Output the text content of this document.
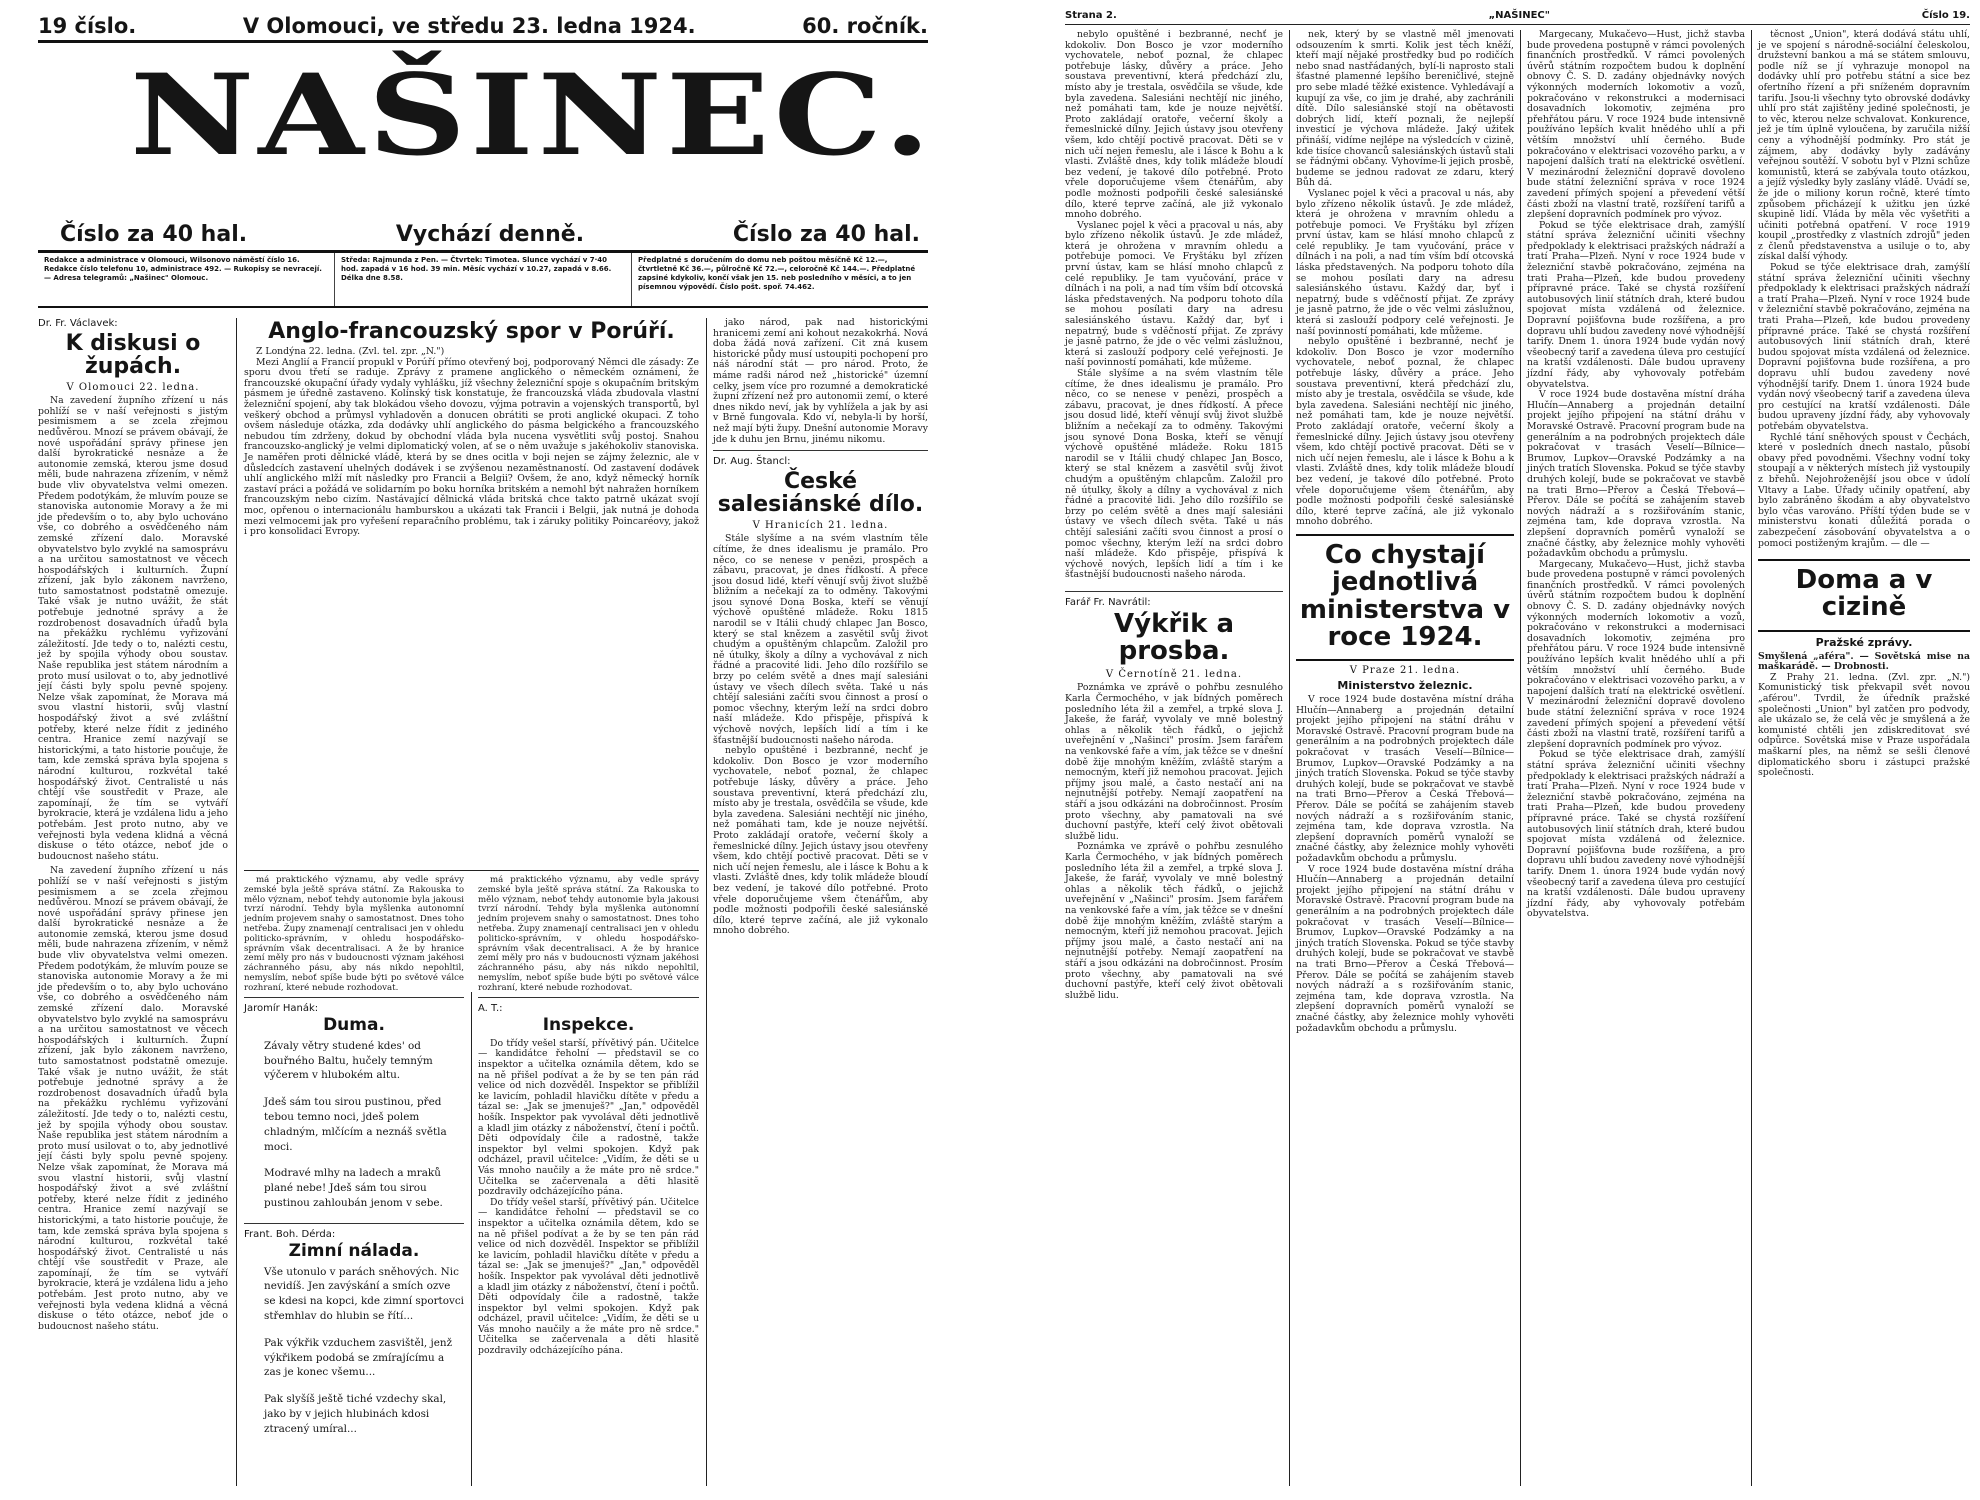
19 číslo.	V Olomouci, ve středu 23. ledna 1924.	60. ročník.
NAŠINEC.
Číslo za 40 hal.	Vychází denně.	Číslo za 40 hal.
Redakce a administrace v Olomouci, Wilsonovo náměstí číslo 16. Redakce číslo telefonu 10, administrace 492. — Rukopisy se nevracejí. — Adresa telegramů: „Našinec" Olomouc.
Středa: Rajmunda z Pen. — Čtvrtek: Timotea. Slunce vychází v 7·40 hod. zapadá v 16 hod. 39 min. Měsíc vychází v 10.27, zapadá v 8.66. Délka dne 8.58.
Předplatné s doručením do domu neb poštou měsíčně Kč 12.—, čtvrtletně Kč 36.—, půlročně Kč 72.—, celoročně Kč 144.—. Předplatné zapsiné kdykoliv, končí však jen 15. neb posledního v měsíci, a to jen písemnou výpovědí. Číslo pošt. spoř. 74.462.
Dr. Fr. Václavek:
K diskusi o župách.
V Olomouci 22. ledna.
Na zavedení župního zřízení u nás pohlíží se v naší veřejnosti s jistým pesimismem a se zcela zřejmou nedůvěrou. Mnozí se právem obávají, že nové uspořádání správy přinese jen další byrokratické nesnáze a že autonomie zemská, kterou jsme dosud měli, bude nahrazena zřízením, v němž bude vliv obyvatelstva velmi omezen. Předem podotýkám, že mluvím pouze se stanoviska autonomie Moravy a že mi jde především o to, aby bylo uchováno vše, co dobrého a osvědčeného nám zemské zřízení dalo. Moravské obyvatelstvo bylo zvyklé na samosprávu a na určitou samostatnost ve věcech hospodářských i kulturních. Župní zřízení, jak bylo zákonem navrženo, tuto samostatnost podstatně omezuje. Také však je nutno uvážit, že stát potřebuje jednotné správy a že rozdrobenost dosavadních úřadů byla na překážku rychlému vyřizování záležitostí. Jde tedy o to, nalézti cestu, jež by spojila výhody obou soustav. Naše republika jest státem národním a proto musí usilovat o to, aby jednotlivé její části byly spolu pevně spojeny. Nelze však zapomínat, že Morava má svou vlastní historii, svůj vlastní hospodářský život a své zvláštní potřeby, které nelze řídit z jediného centra. Hranice zemí nazývají se historickými, a tato historie poučuje, že tam, kde zemská správa byla spojena s národní kulturou, rozkvétal také hospodářský život. Centralisté u nás chtějí vše soustředit v Praze, ale zapomínají, že tím se vytváří byrokracie, která je vzdálena lidu a jeho potřebám. Jest proto nutno, aby ve veřejnosti byla vedena klidná a věcná diskuse o této otázce, neboť jde o budoucnost našeho státu.
Na zavedení župního zřízení u nás pohlíží se v naší veřejnosti s jistým pesimismem a se zcela zřejmou nedůvěrou. Mnozí se právem obávají, že nové uspořádání správy přinese jen další byrokratické nesnáze a že autonomie zemská, kterou jsme dosud měli, bude nahrazena zřízením, v němž bude vliv obyvatelstva velmi omezen. Předem podotýkám, že mluvím pouze se stanoviska autonomie Moravy a že mi jde především o to, aby bylo uchováno vše, co dobrého a osvědčeného nám zemské zřízení dalo. Moravské obyvatelstvo bylo zvyklé na samosprávu a na určitou samostatnost ve věcech hospodářských i kulturních. Župní zřízení, jak bylo zákonem navrženo, tuto samostatnost podstatně omezuje. Také však je nutno uvážit, že stát potřebuje jednotné správy a že rozdrobenost dosavadních úřadů byla na překážku rychlému vyřizování záležitostí. Jde tedy o to, nalézti cestu, jež by spojila výhody obou soustav. Naše republika jest státem národním a proto musí usilovat o to, aby jednotlivé její části byly spolu pevně spojeny. Nelze však zapomínat, že Morava má svou vlastní historii, svůj vlastní hospodářský život a své zvláštní potřeby, které nelze řídit z jediného centra. Hranice zemí nazývají se historickými, a tato historie poučuje, že tam, kde zemská správa byla spojena s národní kulturou, rozkvétal také hospodářský život. Centralisté u nás chtějí vše soustředit v Praze, ale zapomínají, že tím se vytváří byrokracie, která je vzdálena lidu a jeho potřebám. Jest proto nutno, aby ve veřejnosti byla vedena klidná a věcná diskuse o této otázce, neboť jde o budoucnost našeho státu.
Anglo-francouzský spor v Porúří.
Z Londýna 22. ledna. (Zvl. tel. zpr. „N.")
Mezi Anglií a Francií propukl v Porúří přímo otevřený boj, podporovaný Němci dle zásady: Ze sporu dvou třetí se raduje. Zprávy z pramene anglického o německém oznámení, že francouzské okupační úřady vydaly vyhlášku, jíž všechny železniční spoje s okupačním britským pásmem je úředně zastaveno. Kolínský tisk konstatuje, že francouzská vláda zbudovala vlastní železniční spojení, aby tak blokádou všeho dovozu, výjma potravin a vojenských transportů, byl veškerý obchod a průmysl vyhladověn a donucen obrátiti se proti anglické okupaci. Z toho ovšem následuje otázka, zda dodávky uhlí anglického do pásma belgického a francouzského nebudou tím zdrženy, dokud by obchodní vláda byla nucena vysvětliti svůj postoj. Snahou francouzsko-anglický je velmi diplomatický volen, ať se o něm uvažuje s jakéhokoliv stanoviska. Je naměřen proti dělnické vládě, která by se dnes ocitla v boji nejen se zájmy železnic, ale v důsledcích zastavení uhelných dodávek i se zvýšenou nezaměstnaností. Od zastavení dodávek uhlí anglického mlží mít následky pro Francii a Belgii? Ovšem, že ano, když německý horník zastaví práci a požádá ve solidarním po boku horníka britském a nemohl být nahražen horníkem francouzským nebo cizím. Nastávající dělnická vláda britská chce takto patrně ukázat svojí moc, opřenou o internacionálu hamburskou a ukázati tak Francii i Belgii, jak nutná je dohoda mezi velmocemi jak pro vyřešení reparačního problému, tak i záruky politiky Poincaréovy, jakož i pro konsolidaci Evropy.
má praktického významu, aby vedle správy zemské byla ještě správa státní. Za Rakouska to mělo význam, neboť tehdy autonomie byla jakousi tvrzí národní. Tehdy byla myšlenka autonomní jedním projevem snahy o samostatnost. Dnes toho netřeba. Župy znamenají centralisaci jen v ohledu politicko-správním, v ohledu hospodářsko-správním však decentralisaci. A že by hranice zemí měly pro nás v budoucnosti význam jakéhosi záchranného pásu, aby nás nikdo nepohltil, nemyslím, neboť spíše bude býti po světové válce rozhraní, které nebude rozhodovat.
má praktického významu, aby vedle správy zemské byla ještě správa státní. Za Rakouska to mělo význam, neboť tehdy autonomie byla jakousi tvrzí národní. Tehdy byla myšlenka autonomní jedním projevem snahy o samostatnost. Dnes toho netřeba. Župy znamenají centralisaci jen v ohledu politicko-správním, v ohledu hospodářsko-správním však decentralisaci. A že by hranice zemí měly pro nás v budoucnosti význam jakéhosi záchranného pásu, aby nás nikdo nepohltil, nemyslím, neboť spíše bude býti po světové válce rozhraní, které nebude rozhodovat.
Jaromír Hanák:
Duma.
Závaly větry studené kdes' od bouřného Baltu, hučely temným výčerem v hlubokém altu.
Jdeš sám tou sirou pustinou, před tebou temno noci, jdeš polem chladným, mlčícím a neznáš světla moci.
Modravé mlhy na ladech a mraků plané nebe! Jdeš sám tou sirou pustinou zahloubán jenom v sebe.
Frant. Boh. Dérda:
Zimní nálada.
Vše utonulo v parách sněhových. Nic nevidíš. Jen zavýskání a smích ozve se kdesi na kopci, kde zimní sportovci střemhlav do hlubin se řítí...
Pak výkřik vzduchem zasvištěl, jenž výkřikem podobá se zmírajícímu a zas je konec všemu...
Pak slyšíš ještě tiché vzdechy skal, jako by v jejich hlubinách kdosi ztracený umíral...
A. T.:
Inspekce.
Do třídy vešel starší, přívětivý pán. Učitelce — kandidátce řeholní — představil se co inspektor a učitelka oznámila dětem, kdo se na ně přišel podívat a že by se ten pán rád velice od nich dozvěděl. Inspektor se přiblížil ke lavicím, pohladil hlavičku dítěte v předu a tázal se: „Jak se jmenuješ?" „Jan," odpověděl hošík. Inspektor pak vyvolával děti jednotlivě a kladl jim otázky z náboženství, čtení i počtů. Děti odpovídaly čile a radostně, takže inspektor byl velmi spokojen. Když pak odcházel, pravil učitelce: „Vidím, že děti se u Vás mnoho naučily a že máte pro ně srdce." Učitelka se začervenala a děti hlasitě pozdravily odcházejícího pána.
Do třídy vešel starší, přívětivý pán. Učitelce — kandidátce řeholní — představil se co inspektor a učitelka oznámila dětem, kdo se na ně přišel podívat a že by se ten pán rád velice od nich dozvěděl. Inspektor se přiblížil ke lavicím, pohladil hlavičku dítěte v předu a tázal se: „Jak se jmenuješ?" „Jan," odpověděl hošík. Inspektor pak vyvolával děti jednotlivě a kladl jim otázky z náboženství, čtení i počtů. Děti odpovídaly čile a radostně, takže inspektor byl velmi spokojen. Když pak odcházel, pravil učitelce: „Vidím, že děti se u Vás mnoho naučily a že máte pro ně srdce." Učitelka se začervenala a děti hlasitě pozdravily odcházejícího pána.
jako národ, pak nad historickými hranicemi zemí ani kohout nezakokrhá. Nová doba žádá nová zařízení. Cit zná kusem historické půdy musí ustoupiti pochopení pro náš národní stát — pro národ. Proto, že máme radši národ než „historické" územní celky, jsem více pro rozumné a demokratické župní zřízení než pro autonomii zemí, o které dnes nikdo neví, jak by vyhlížela a jak by asi v Brně fungovala. Kdo ví, nebyla-li by horší, než mají býti župy. Dnešní autonomie Moravy jde k duhu jen Brnu, jinému nikomu.
Dr. Aug. Štancl:
České salesiánské dílo.
V Hranicích 21. ledna.
Stále slyšíme a na svém vlastním těle cítíme, že dnes idealismu je pramálo. Pro něco, co se nenese v penězi, prospěch a zábavu, pracovat, je dnes řídkostí. A přece jsou dosud lidé, kteří věnují svůj život službě bližním a nečekají za to odměny. Takovými jsou synové Dona Boska, kteří se věnují výchově opuštěné mládeže. Roku 1815 narodil se v Itálii chudý chlapec Jan Bosco, který se stal knězem a zasvětil svůj život chudým a opuštěným chlapcům. Založil pro ně útulky, školy a dílny a vychovával z nich řádné a pracovité lidi. Jeho dílo rozšířilo se brzy po celém světě a dnes mají salesiáni ústavy ve všech dílech světa. Také u nás chtějí salesiáni začíti svou činnost a prosí o pomoc všechny, kterým leží na srdci dobro naší mládeže. Kdo přispěje, přispívá k výchově nových, lepších lidí a tím i ke šťastnější budoucnosti našeho národa.
nebylo opuštěné i bezbranné, nechť je kdokoliv. Don Bosco je vzor moderního vychovatele, neboť poznal, že chlapec potřebuje lásky, důvěry a práce. Jeho soustava preventivní, která předchází zlu, místo aby je trestala, osvědčila se všude, kde byla zavedena. Salesiáni nechtějí nic jiného, než pomáhati tam, kde je nouze největší. Proto zakládají oratoře, večerní školy a řemeslnické dílny. Jejich ústavy jsou otevřeny všem, kdo chtějí poctivě pracovat. Děti se v nich učí nejen řemeslu, ale i lásce k Bohu a k vlasti. Zvláště dnes, kdy tolik mládeže bloudí bez vedení, je takové dílo potřebné. Proto vřele doporučujeme všem čtenářům, aby podle možnosti podpořili české salesiánské dílo, které teprve začíná, ale již vykonalo mnoho dobrého.
Strana 2.	„NAŠINEC"	Číslo 19.
nebylo opuštěné i bezbranné, nechť je kdokoliv. Don Bosco je vzor moderního vychovatele, neboť poznal, že chlapec potřebuje lásky, důvěry a práce. Jeho soustava preventivní, která předchází zlu, místo aby je trestala, osvědčila se všude, kde byla zavedena. Salesiáni nechtějí nic jiného, než pomáhati tam, kde je nouze největší. Proto zakládají oratoře, večerní školy a řemeslnické dílny. Jejich ústavy jsou otevřeny všem, kdo chtějí poctivě pracovat. Děti se v nich učí nejen řemeslu, ale i lásce k Bohu a k vlasti. Zvláště dnes, kdy tolik mládeže bloudí bez vedení, je takové dílo potřebné. Proto vřele doporučujeme všem čtenářům, aby podle možnosti podpořili české salesiánské dílo, které teprve začíná, ale již vykonalo mnoho dobrého.
Vyslanec pojel k věci a pracoval u nás, aby bylo zřízeno několik ústavů. Je zde mládež, která je ohrožena v mravním ohledu a potřebuje pomoci. Ve Fryštáku byl zřízen první ústav, kam se hlásí mnoho chlapců z celé republiky. Je tam vyučování, práce v dílnách i na poli, a nad tím vším bdí otcovská láska představených. Na podporu tohoto díla se mohou posílati dary na adresu salesiánského ústavu. Každý dar, byť i nepatrný, bude s vděčností přijat. Ze zprávy je jasně patrno, že jde o věc velmi záslužnou, která si zaslouží podpory celé veřejnosti. Je naší povinností pomáhati, kde můžeme.
Stále slyšíme a na svém vlastním těle cítíme, že dnes idealismu je pramálo. Pro něco, co se nenese v penězi, prospěch a zábavu, pracovat, je dnes řídkostí. A přece jsou dosud lidé, kteří věnují svůj život službě bližním a nečekají za to odměny. Takovými jsou synové Dona Boska, kteří se věnují výchově opuštěné mládeže. Roku 1815 narodil se v Itálii chudý chlapec Jan Bosco, který se stal knězem a zasvětil svůj život chudým a opuštěným chlapcům. Založil pro ně útulky, školy a dílny a vychovával z nich řádné a pracovité lidi. Jeho dílo rozšířilo se brzy po celém světě a dnes mají salesiáni ústavy ve všech dílech světa. Také u nás chtějí salesiáni začíti svou činnost a prosí o pomoc všechny, kterým leží na srdci dobro naší mládeže. Kdo přispěje, přispívá k výchově nových, lepších lidí a tím i ke šťastnější budoucnosti našeho národa.
Farář Fr. Navrátil:
Výkřik a prosba.
V Černotíně 21. ledna.
Poznámka ve zprávě o pohřbu zesnulého Karla Čermochého, v jak bídných poměrech posledního léta žil a zemřel, a trpké slova J. Jakeše, že farář, vyvolaly ve mně bolestný ohlas a několik těch řádků, o jejichž uveřejnění v „Našinci" prosím. Jsem farářem na venkovské faře a vím, jak těžce se v dnešní době žije mnohým kněžím, zvláště starým a nemocným, kteří již nemohou pracovat. Jejich příjmy jsou malé, a často nestačí ani na nejnutnější potřeby. Nemají zaopatření na stáří a jsou odkázáni na dobročinnost. Prosím proto všechny, aby pamatovali na své duchovní pastýře, kteří celý život obětovali službě lidu.
Poznámka ve zprávě o pohřbu zesnulého Karla Čermochého, v jak bídných poměrech posledního léta žil a zemřel, a trpké slova J. Jakeše, že farář, vyvolaly ve mně bolestný ohlas a několik těch řádků, o jejichž uveřejnění v „Našinci" prosím. Jsem farářem na venkovské faře a vím, jak těžce se v dnešní době žije mnohým kněžím, zvláště starým a nemocným, kteří již nemohou pracovat. Jejich příjmy jsou malé, a často nestačí ani na nejnutnější potřeby. Nemají zaopatření na stáří a jsou odkázáni na dobročinnost. Prosím proto všechny, aby pamatovali na své duchovní pastýře, kteří celý život obětovali službě lidu.
nek, který by se vlastně měl jmenovati odsouzením k smrti. Kolik jest těch kněží, kteří mají nějaké prostředky bud po rodičích nebo snad nastřádaných, bylí-li naprosto stali šťastné plamenné lepšího bereničlivé, stejně pro sebe mladé těžké existence. Vyhledávají a kupují za vše, co jim je drahé, aby zachránili dítě. Dílo salesiánské stojí na obětavosti dobrých lidí, kteří poznali, že nejlepší investicí je výchova mládeže. Jaký užitek přináší, vidíme nejlépe na výsledcích v cizině, kde tisíce chovanců salesiánských ústavů stali se řádnými občany. Vyhovíme-li jejich prosbě, budeme se jednou radovat ze zdaru, který Bůh dá.
Vyslanec pojel k věci a pracoval u nás, aby bylo zřízeno několik ústavů. Je zde mládež, která je ohrožena v mravním ohledu a potřebuje pomoci. Ve Fryštáku byl zřízen první ústav, kam se hlásí mnoho chlapců z celé republiky. Je tam vyučování, práce v dílnách i na poli, a nad tím vším bdí otcovská láska představených. Na podporu tohoto díla se mohou posílati dary na adresu salesiánského ústavu. Každý dar, byť i nepatrný, bude s vděčností přijat. Ze zprávy je jasně patrno, že jde o věc velmi záslužnou, která si zaslouží podpory celé veřejnosti. Je naší povinností pomáhati, kde můžeme.
nebylo opuštěné i bezbranné, nechť je kdokoliv. Don Bosco je vzor moderního vychovatele, neboť poznal, že chlapec potřebuje lásky, důvěry a práce. Jeho soustava preventivní, která předchází zlu, místo aby je trestala, osvědčila se všude, kde byla zavedena. Salesiáni nechtějí nic jiného, než pomáhati tam, kde je nouze největší. Proto zakládají oratoře, večerní školy a řemeslnické dílny. Jejich ústavy jsou otevřeny všem, kdo chtějí poctivě pracovat. Děti se v nich učí nejen řemeslu, ale i lásce k Bohu a k vlasti. Zvláště dnes, kdy tolik mládeže bloudí bez vedení, je takové dílo potřebné. Proto vřele doporučujeme všem čtenářům, aby podle možnosti podpořili české salesiánské dílo, které teprve začíná, ale již vykonalo mnoho dobrého.
Co chystají jednotlivá ministerstva v roce 1924.
V Praze 21. ledna.
Ministerstvo železnic.
V roce 1924 bude dostavěna místní dráha Hlučín—Annaberg a projednán detailní projekt jejího připojení na státní dráhu v Moravské Ostravě. Pracovní program bude na generálním a na podrobných projektech dále pokračovat v trasách Veselí—Bílnice—Brumov, Lupkov—Oravské Podzámky a na jiných tratích Slovenska. Pokud se týče stavby druhých kolejí, bude se pokračovat ve stavbě na trati Brno—Přerov a Česká Třebová—Přerov. Dále se počítá se zahájením staveb nových nádraží a s rozšiřováním stanic, zejména tam, kde doprava vzrostla. Na zlepšení dopravních poměrů vynaloží se značné částky, aby železnice mohly vyhověti požadavkům obchodu a průmyslu.
V roce 1924 bude dostavěna místní dráha Hlučín—Annaberg a projednán detailní projekt jejího připojení na státní dráhu v Moravské Ostravě. Pracovní program bude na generálním a na podrobných projektech dále pokračovat v trasách Veselí—Bílnice—Brumov, Lupkov—Oravské Podzámky a na jiných tratích Slovenska. Pokud se týče stavby druhých kolejí, bude se pokračovat ve stavbě na trati Brno—Přerov a Česká Třebová—Přerov. Dále se počítá se zahájením staveb nových nádraží a s rozšiřováním stanic, zejména tam, kde doprava vzrostla. Na zlepšení dopravních poměrů vynaloží se značné částky, aby železnice mohly vyhověti požadavkům obchodu a průmyslu.
Margecany, Mukačevo—Hust, jichž stavba bude provedena postupně v rámci povolených finančních prostředků. V rámci povolených úvěrů státním rozpočtem budou k doplnění obnovy Č. S. D. zadány objednávky nových výkonných moderních lokomotiv a vozů, pokračováno v rekonstrukci a modernisaci dosavadních lokomotiv, zejména pro přehřátou páru. V roce 1924 bude intensivně používáno lepších kvalit hnědého uhlí a při větším množství uhlí černého. Bude pokračováno v elektrisaci vozového parku, a v napojení dalších tratí na elektrické osvětlení. V mezinárodní železniční dopravě dovoleno bude státní železniční správa v roce 1924 zavedení přímých spojení a převedení větší části zboží na vlastní tratě, rozšíření tarifů a zlepšení dopravních podmínek pro vývoz.
Pokud se týče elektrisace drah, zamýšlí státní správa železniční učiniti všechny předpoklady k elektrisaci pražských nádraží a tratí Praha—Plzeň. Nyní v roce 1924 bude v železniční stavbě pokračováno, zejména na trati Praha—Plzeň, kde budou provedeny přípravné práce. Také se chystá rozšíření autobusových linií státních drah, které budou spojovat místa vzdálená od železnice. Dopravní pojišťovna bude rozšířena, a pro dopravu uhlí budou zavedeny nové výhodnější tarify. Dnem 1. února 1924 bude vydán nový všeobecný tarif a zavedena úleva pro cestující na kratší vzdálenosti. Dále budou upraveny jízdní řády, aby vyhovovaly potřebám obyvatelstva.
V roce 1924 bude dostavěna místní dráha Hlučín—Annaberg a projednán detailní projekt jejího připojení na státní dráhu v Moravské Ostravě. Pracovní program bude na generálním a na podrobných projektech dále pokračovat v trasách Veselí—Bílnice—Brumov, Lupkov—Oravské Podzámky a na jiných tratích Slovenska. Pokud se týče stavby druhých kolejí, bude se pokračovat ve stavbě na trati Brno—Přerov a Česká Třebová—Přerov. Dále se počítá se zahájením staveb nových nádraží a s rozšiřováním stanic, zejména tam, kde doprava vzrostla. Na zlepšení dopravních poměrů vynaloží se značné částky, aby železnice mohly vyhověti požadavkům obchodu a průmyslu.
Margecany, Mukačevo—Hust, jichž stavba bude provedena postupně v rámci povolených finančních prostředků. V rámci povolených úvěrů státním rozpočtem budou k doplnění obnovy Č. S. D. zadány objednávky nových výkonných moderních lokomotiv a vozů, pokračováno v rekonstrukci a modernisaci dosavadních lokomotiv, zejména pro přehřátou páru. V roce 1924 bude intensivně používáno lepších kvalit hnědého uhlí a při větším množství uhlí černého. Bude pokračováno v elektrisaci vozového parku, a v napojení dalších tratí na elektrické osvětlení. V mezinárodní železniční dopravě dovoleno bude státní železniční správa v roce 1924 zavedení přímých spojení a převedení větší části zboží na vlastní tratě, rozšíření tarifů a zlepšení dopravních podmínek pro vývoz.
Pokud se týče elektrisace drah, zamýšlí státní správa železniční učiniti všechny předpoklady k elektrisaci pražských nádraží a tratí Praha—Plzeň. Nyní v roce 1924 bude v železniční stavbě pokračováno, zejména na trati Praha—Plzeň, kde budou provedeny přípravné práce. Také se chystá rozšíření autobusových linií státních drah, které budou spojovat místa vzdálená od železnice. Dopravní pojišťovna bude rozšířena, a pro dopravu uhlí budou zavedeny nové výhodnější tarify. Dnem 1. února 1924 bude vydán nový všeobecný tarif a zavedena úleva pro cestující na kratší vzdálenosti. Dále budou upraveny jízdní řády, aby vyhovovaly potřebám obyvatelstva.
těcnost „Union", která dodává státu uhlí, je ve spojení s národně-sociální čeleskolou, družstevní bankou a má se státem smlouvu, podle níž se jí vyhrazuje monopol na dodávky uhlí pro potřebu státní a sice bez ofertního řízení a při sníženém dopravním tarifu. Jsou-li všechny tyto obrovské dodávky uhlí pro stát zajištěny jediné společnosti, je to věc, kterou nelze schvalovat. Konkurence, jež je tím úplně vyloučena, by zaručila nižší ceny a výhodnější podmínky. Pro stát je zájmem, aby dodávky byly zadávány veřejnou soutěží. V sobotu byl v Plzni schůze komunistů, která se zabývala touto otázkou, a jejíž výsledky byly zaslány vládě. Uvádí se, že jde o miliony korun ročně, které tímto způsobem přicházejí k užitku jen úzké skupině lidí. Vláda by měla věc vyšetřiti a učiniti potřebná opatření. V roce 1919 koupil „prostředky z vlastních zdrojů" jeden z členů představenstva a usiluje o to, aby získal další výhody.
Pokud se týče elektrisace drah, zamýšlí státní správa železniční učiniti všechny předpoklady k elektrisaci pražských nádraží a tratí Praha—Plzeň. Nyní v roce 1924 bude v železniční stavbě pokračováno, zejména na trati Praha—Plzeň, kde budou provedeny přípravné práce. Také se chystá rozšíření autobusových linií státních drah, které budou spojovat místa vzdálená od železnice. Dopravní pojišťovna bude rozšířena, a pro dopravu uhlí budou zavedeny nové výhodnější tarify. Dnem 1. února 1924 bude vydán nový všeobecný tarif a zavedena úleva pro cestující na kratší vzdálenosti. Dále budou upraveny jízdní řády, aby vyhovovaly potřebám obyvatelstva.
Rychlé tání sněhových spoust v Čechách, které v posledních dnech nastalo, působí obavy před povodněmi. Všechny vodní toky stoupají a v některých místech již vystoupily z břehů. Nejohroženější jsou obce v údolí Vltavy a Labe. Úřady učinily opatření, aby bylo zabráněno škodám a aby obyvatelstvo bylo včas varováno. Příští týden bude se v ministerstvu konati důležitá porada o zabezpečení zásobování obyvatelstva a o pomoci postiženým krajům. — dle —
Doma a v cizině
Pražské zprávy.
Smyšlená „aféra". — Sovětská mise na maškarádě. — Drobnosti.
Z Prahy 21. ledna. (Zvl. zpr. „N.") Komunistický tisk překvapil svět novou „aférou". Tvrdil, že úředník pražské společnosti „Union" byl zatčen pro podvody, ale ukázalo se, že celá věc je smyšlená a že komunisté chtěli jen zdiskreditovat své odpůrce. Sovětská mise v Praze uspořádala maškarní ples, na němž se sešli členové diplomatického sboru i zástupci pražské společnosti.
